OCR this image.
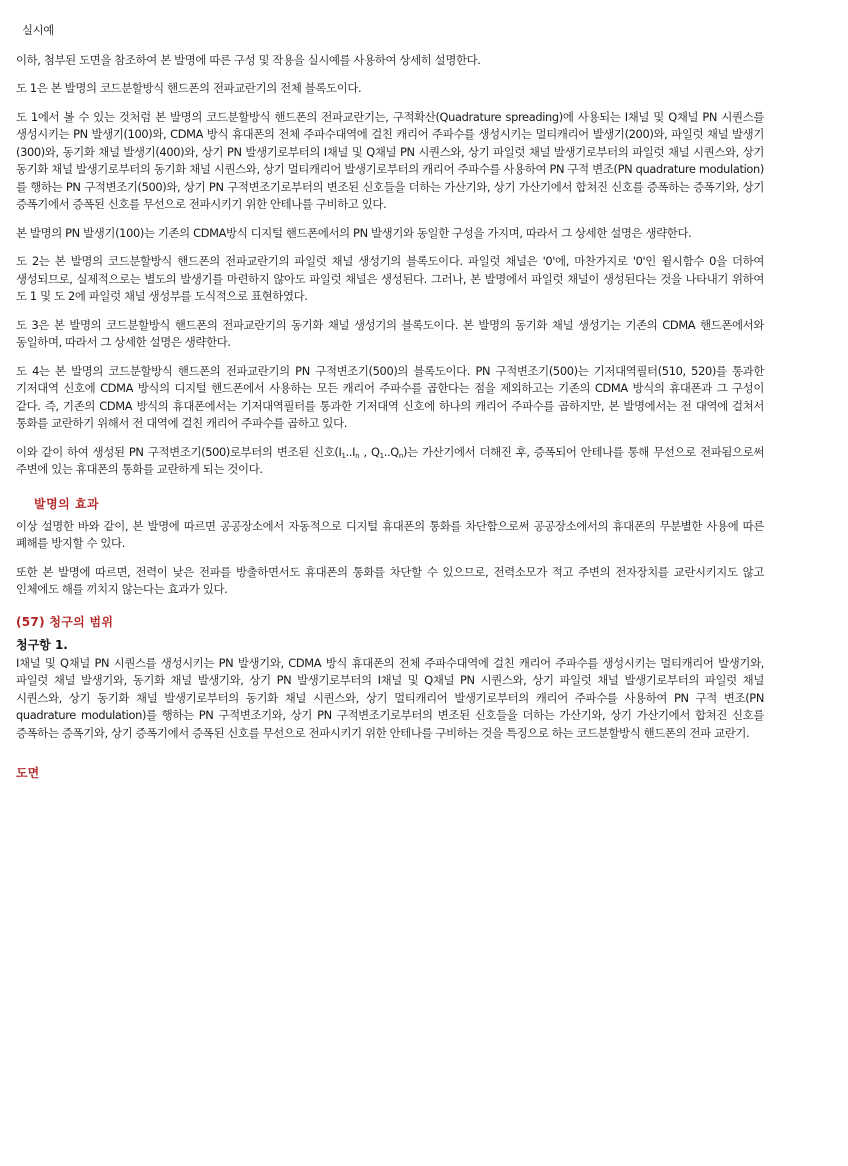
실시예

이하, 첨부된 도면을 참조하여 본 발명에 따른 구성 및 작용을 실시예를 사용하여 상세히 설명한다.

도 1은 본 발명의 코드분할방식 핸드폰의 전파교란기의 전체 블록도이다.

도 1에서 볼 수 있는 것처럼 본 발명의 코드분할방식 핸드폰의 전파교란기는, 구적확산(Quadrature spreading)에 사용되는 I채널 및 Q채널 PN 시퀀스를 생성시키는 PN 발생기(100)와, CDMA 방식 휴대폰의 전체 주파수대역에 걸친 캐리어 주파수를 생성시키는 멀티캐리어 발생기(200)와, 파일럿 채널 발생기(300)와, 동기화 채널 발생기(400)와, 상기 PN 발생기로부터의 I채널 및 Q채널 PN 시퀀스와, 상기 파일럿 채널 발생기로부터의 파일럿 채널 시퀀스와, 상기 동기화 채널 발생기로부터의 동기화 채널 시퀀스와, 상기 멀티캐리어 발생기로부터의 캐리어 주파수를 사용하여 PN 구적 변조(PN quadrature modulation)를 행하는 PN 구적변조기(500)와, 상기 PN 구적변조기로부터의 변조된 신호들을 더하는 가산기와, 상기 가산기에서 합쳐진 신호를 증폭하는 증폭기와, 상기 증폭기에서 증폭된 신호를 무선으로 전파시키기 위한 안테나를 구비하고 있다.

본 발명의 PN 발생기(100)는 기존의 CDMA방식 디지털 핸드폰에서의 PN 발생기와 동일한 구성을 가지며, 따라서 그 상세한 설명은 생략한다.

도 2는 본 발명의 코드분할방식 핸드폰의 전파교란기의 파일럿 채널 생성기의 블록도이다. 파일럿 채널은 '0'에, 마찬가지로 '0'인 윌시함수 0을 더하여 생성되므로, 실제적으로는 별도의 발생기를 마련하지 않아도 파일럿 채널은 생성된다. 그러나, 본 발명에서 파일럿 채널이 생성된다는 것을 나타내기 위하여 도 1 및 도 2에 파일럿 채널 생성부를 도식적으로 표현하였다.

도 3은 본 발명의 코드분할방식 핸드폰의 전파교란기의 동기화 채널 생성기의 블록도이다. 본 발명의 동기화 채널 생성기는 기존의 CDMA 핸드폰에서와 동일하며, 따라서 그 상세한 설명은 생략한다.

도 4는 본 발명의 코드분할방식 핸드폰의 전파교란기의 PN 구적변조기(500)의 블록도이다. PN 구적변조기(500)는 기저대역필터(510, 520)를 통과한 기저대역 신호에 CDMA 방식의 디지털 핸드폰에서 사용하는 모든 캐리어 주파수를 곱한다는 점을 제외하고는 기존의 CDMA 방식의 휴대폰과 그 구성이 같다. 즉, 기존의 CDMA 방식의 휴대폰에서는 기저대역필터를 통과한 기저대역 신호에 하나의 캐리어 주파수를 곱하지만, 본 발명에서는 전 대역에 걸쳐서 통화를 교란하기 위해서 전 대역에 걸친 캐리어 주파수를 곱하고 있다.

이와 같이 하여 생성된 PN 구적변조기(500)로부터의 변조된 신호($I_1..I_n$ , $Q_1..Q_n$)는 가산기에서 더해진 후, 증폭되어 안테나를 통해 무선으로 전파됨으로써 주변에 있는 휴대폰의 통화를 교란하게 되는 것이다.

발명의 효과

이상 설명한 바와 같이, 본 발명에 따르면 공공장소에서 자동적으로 디지털 휴대폰의 통화를 차단함으로써 공공장소에서의 휴대폰의 무분별한 사용에 따른 폐해를 방지할 수 있다.

또한 본 발명에 따르면, 전력이 낮은 전파를 방출하면서도 휴대폰의 통화를 차단할 수 있으므로, 전력소모가 적고 주변의 전자장치를 교란시키지도 않고 인체에도 해를 끼치지 않는다는 효과가 있다.

(57) 청구의 범위
청구항 1.

I채널 및 Q채널 PN 시퀀스를 생성시키는 PN 발생기와, CDMA 방식 휴대폰의 전체 주파수대역에 걸친 캐리어 주파수를 생성시키는 멀티캐리어 발생기와, 파일럿 채널 발생기와, 동기화 채널 발생기와, 상기 PN 발생기로부터의 I채널 및 Q채널 PN 시퀀스와, 상기 파일럿 채널 발생기로부터의 파일럿 채널 시퀀스와, 상기 동기화 채널 발생기로부터의 동기화 채널 시퀀스와, 상기 멀티캐리어 발생기로부터의 캐리어 주파수를 사용하여 PN 구적 변조(PN quadrature modulation)를 행하는 PN 구적변조기와, 상기 PN 구적변조기로부터의 변조된 신호들을 더하는 가산기와, 상기 가산기에서 합쳐진 신호를 증폭하는 증폭기와, 상기 증폭기에서 증폭된 신호를 무선으로 전파시키기 위한 안테나를 구비하는 것을 특징으로 하는 코드분할방식 핸드폰의 전파 교란기.

도면
